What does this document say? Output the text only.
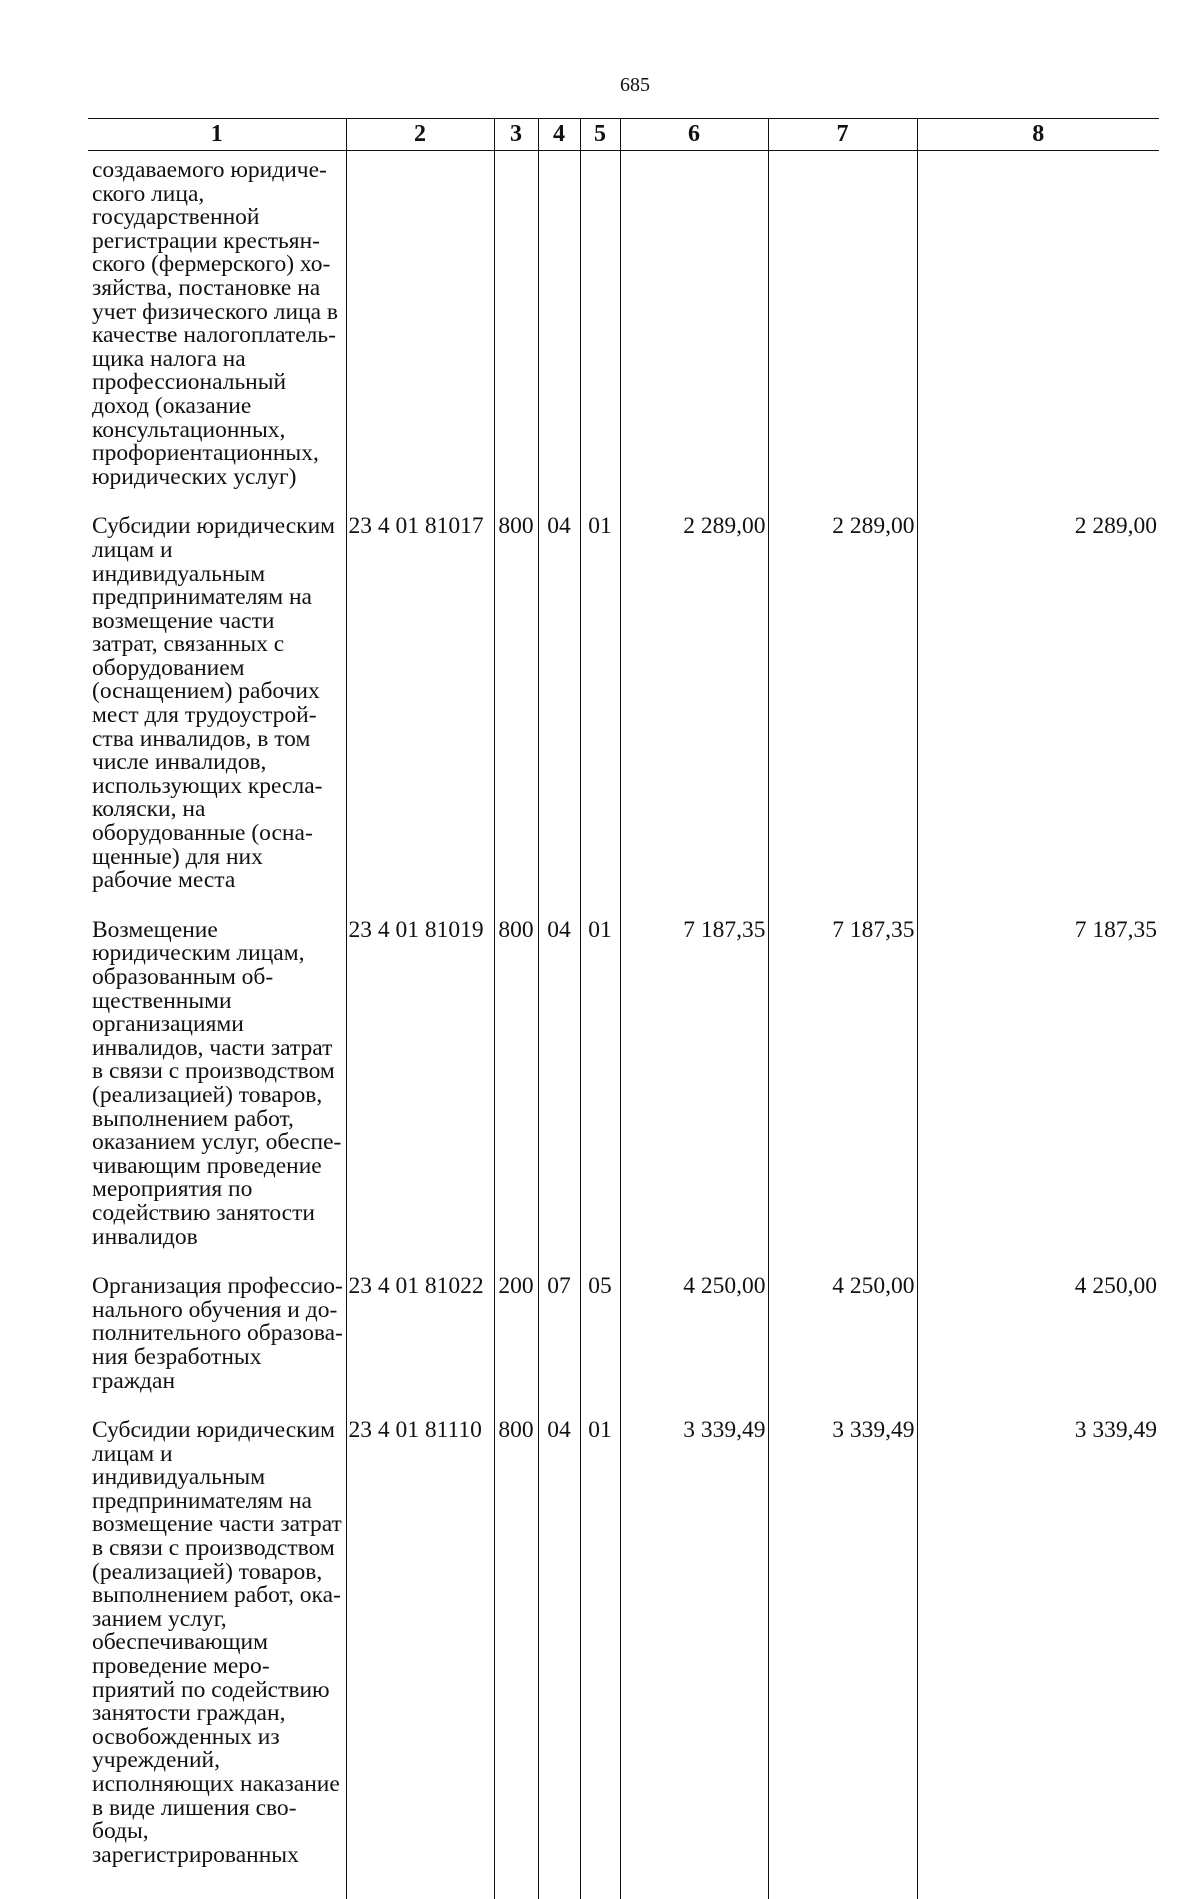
685
1	2	3	4	5	6	7	8

создаваемого юридического лица, государственной регистрации крестьянского (фермерского) хозяйства, постановке на учет физического лица в качестве налогоплательщика налога на профессиональный доход (оказание консультационных, профориентационных, юридических услуг)							

Субсидии юридическим лицам и индивидуальным предпринимателям на возмещение части затрат, связанных с оборудованием (оснащением) рабочих мест для трудоустройства инвалидов, в том числе инвалидов, использующих кресла-коляски, на оборудованные (оснащенные) для них рабочие места	23 4 01 81017	800	04	01	2 289,00	2 289,00	2 289,00

Возмещение юридическим лицам, образованным общественными организациями инвалидов, части затрат в связи с производством (реализацией) товаров, выполнением работ, оказанием услуг, обеспечивающим проведение мероприятия по содействию занятости инвалидов	23 4 01 81019	800	04	01	7 187,35	7 187,35	7 187,35

Организация профессионального обучения и дополнительного образования безработных граждан	23 4 01 81022	200	07	05	4 250,00	4 250,00	4 250,00

Субсидии юридическим лицам и индивидуальным предпринимателям на возмещение части затрат в связи с производством (реализацией) товаров, выполнением работ, оказанием услуг, обеспечивающим проведение мероприятий по содействию занятости граждан, освобожденных из учреждений, исполняющих наказание в виде лишения свободы, зарегистрированных	23 4 01 81110	800	04	01	3 339,49	3 339,49	3 339,49
